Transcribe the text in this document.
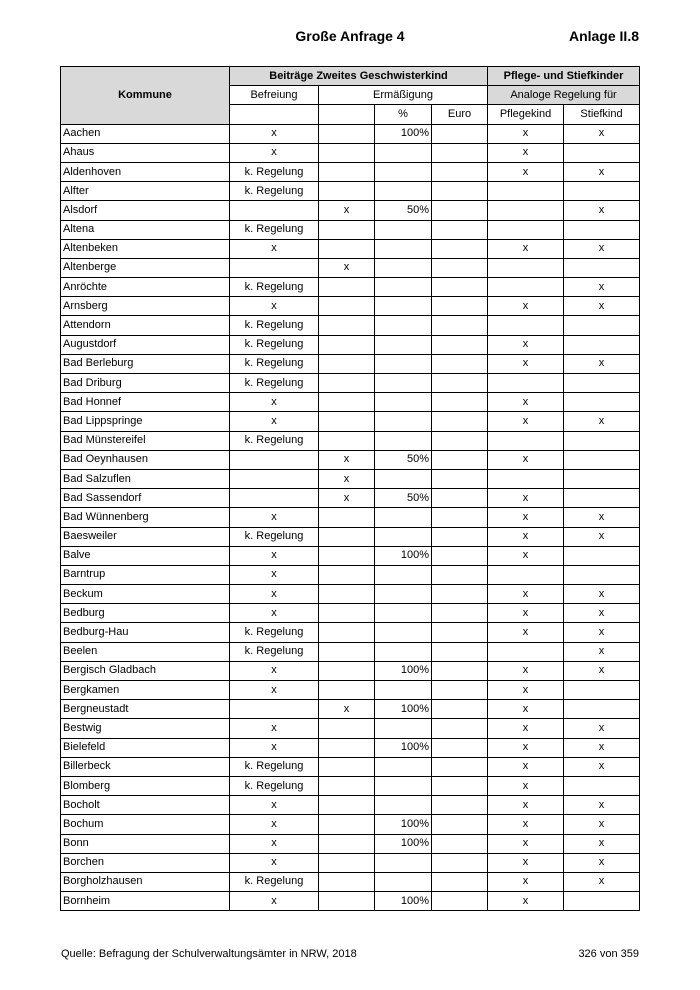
Große Anfrage 4	Anlage II.8
Kommune	Beiträge Zweites Geschwisterkind				Pflege- und Stiefkinder	
	Befreiung	Ermäßigung			Analoge Regelung für	
			%	Euro	Pflegekind	Stiefkind
Aachen	x		100%		x	x
Ahaus	x				x	
Aldenhoven	k. Regelung				x	x
Alfter	k. Regelung					
Alsdorf		x	50%			x
Altena	k. Regelung					
Altenbeken	x				x	x
Altenberge		x				
Anröchte	k. Regelung					x
Arnsberg	x				x	x
Attendorn	k. Regelung					
Augustdorf	k. Regelung				x	
Bad Berleburg	k. Regelung				x	x
Bad Driburg	k. Regelung					
Bad Honnef	x				x	
Bad Lippspringe	x				x	x
Bad Münstereifel	k. Regelung					
Bad Oeynhausen		x	50%		x	
Bad Salzuflen		x				
Bad Sassendorf		x	50%		x	
Bad Wünnenberg	x				x	x
Baesweiler	k. Regelung				x	x
Balve	x		100%		x	
Barntrup	x					
Beckum	x				x	x
Bedburg	x				x	x
Bedburg-Hau	k. Regelung				x	x
Beelen	k. Regelung					x
Bergisch Gladbach	x		100%		x	x
Bergkamen	x				x	
Bergneustadt		x	100%		x	
Bestwig	x				x	x
Bielefeld	x		100%		x	x
Billerbeck	k. Regelung				x	x
Blomberg	k. Regelung				x	
Bocholt	x				x	x
Bochum	x		100%		x	x
Bonn	x		100%		x	x
Borchen	x				x	x
Borgholzhausen	k. Regelung				x	x
Bornheim	x		100%		x	
Quelle: Befragung der Schulverwaltungsämter in NRW, 2018	326 von 359
